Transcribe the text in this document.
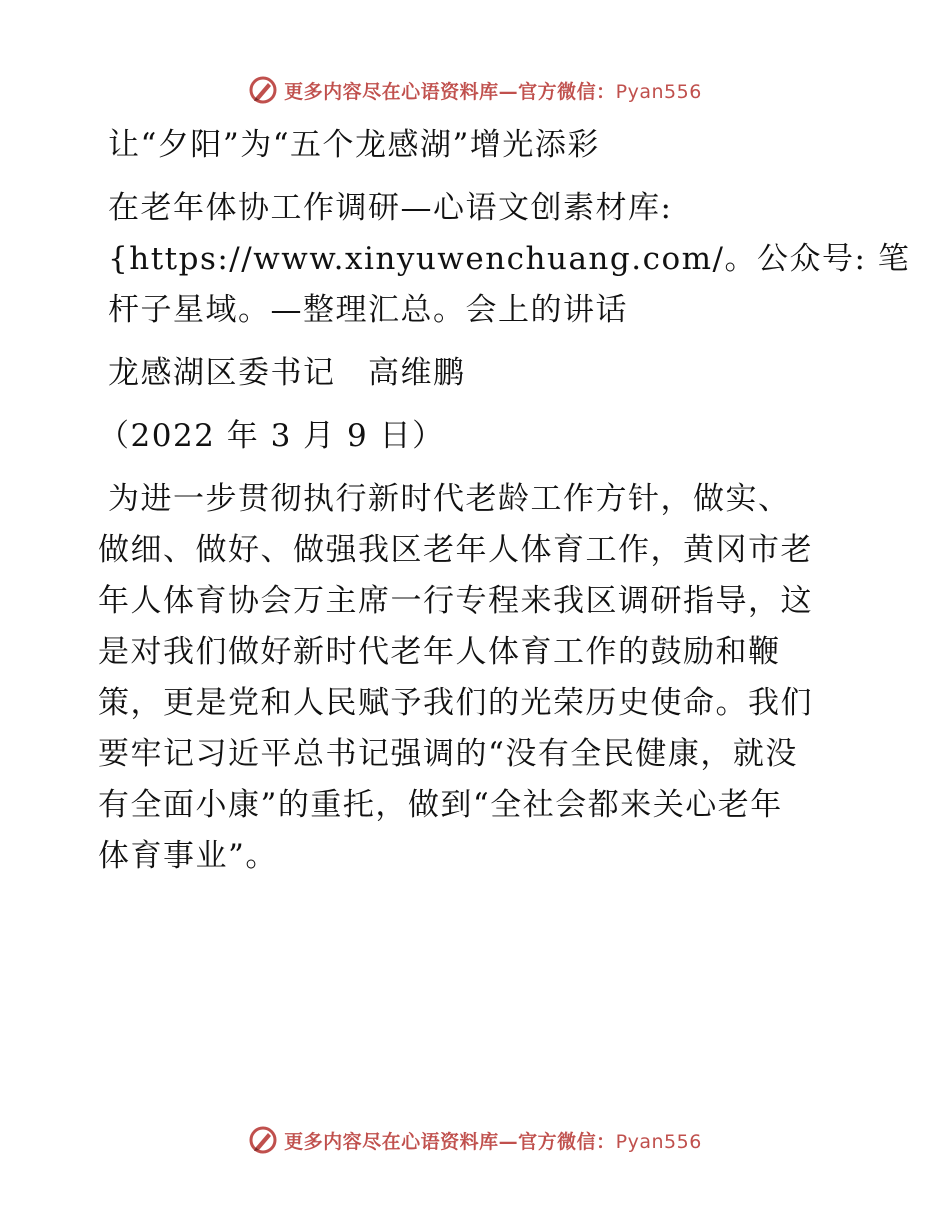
更多内容尽在心语资料库—官方微信：Pyan556
让“夕阳”为“五个龙感湖”增光添彩
在老年体协工作调研—心语文创素材库:
{https://www.xinyuwenchuang.com/。公众号: 笔
杆子星域。—整理汇总。会上的讲话
龙感湖区委书记　高维鹏
（2022 年 3 月 9 日）
为进一步贯彻执行新时代老龄工作方针，做实、
做细、做好、做强我区老年人体育工作，黄冈市老
年人体育协会万主席一行专程来我区调研指导，这
是对我们做好新时代老年人体育工作的鼓励和鞭
策，更是党和人民赋予我们的光荣历史使命。我们
要牢记习近平总书记强调的“没有全民健康，就没
有全面小康”的重托，做到“全社会都来关心老年
体育事业”。
更多内容尽在心语资料库—官方微信：Pyan556
